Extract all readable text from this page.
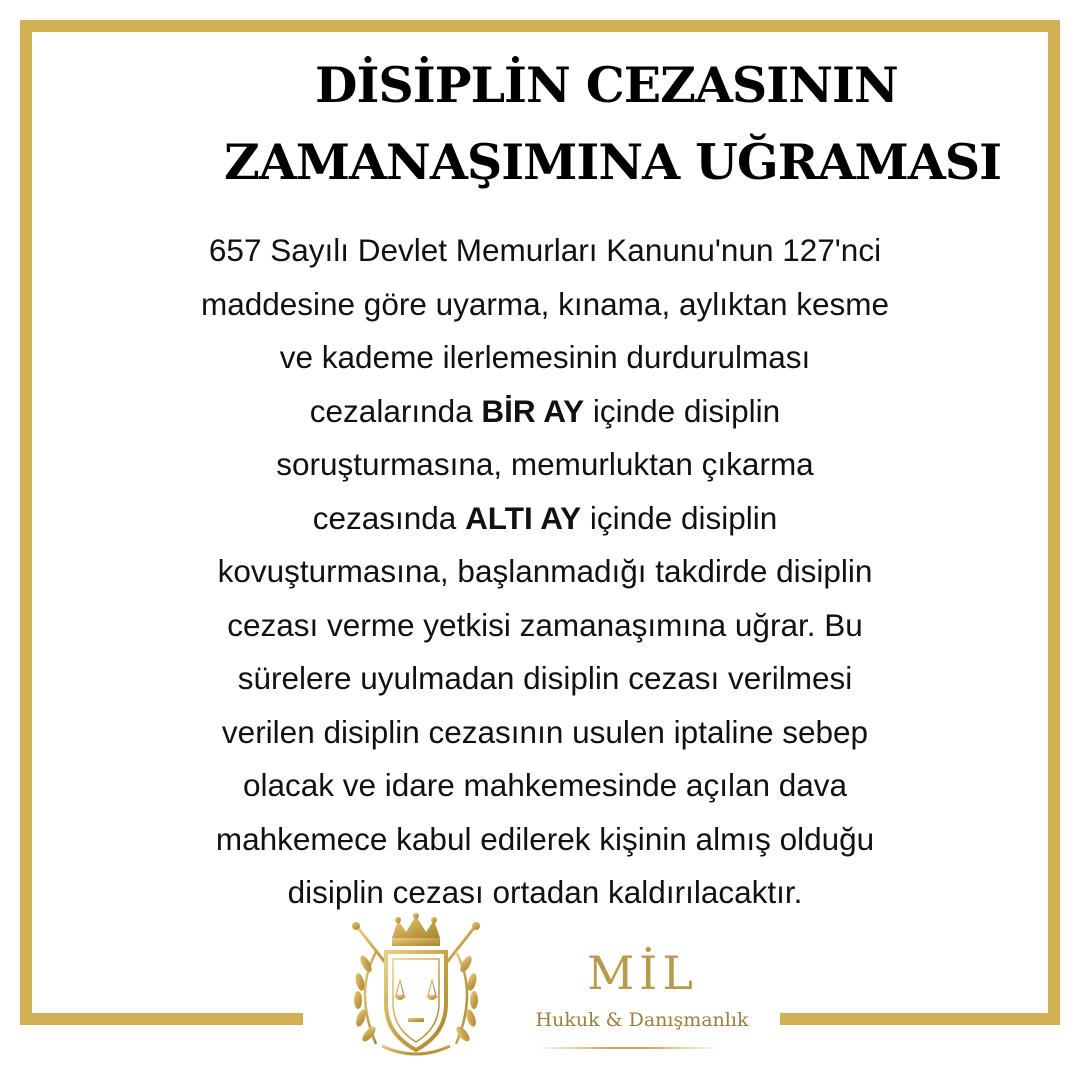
DİSİPLİN CEZASININ
ZAMANAŞIMINA UĞRAMASI
657 Sayılı Devlet Memurları Kanunu'nun 127'nci
maddesine göre uyarma, kınama, aylıktan kesme
ve kademe ilerlemesinin durdurulması
cezalarında BİR AY içinde disiplin
soruşturmasına, memurluktan çıkarma
cezasında ALTI AY içinde disiplin
kovuşturmasına, başlanmadığı takdirde disiplin
cezası verme yetkisi zamanaşımına uğrar. Bu
sürelere uyulmadan disiplin cezası verilmesi
verilen disiplin cezasının usulen iptaline sebep
olacak ve idare mahkemesinde açılan dava
mahkemece kabul edilerek kişinin almış olduğu
disiplin cezası ortadan kaldırılacaktır.
MİL
Hukuk & Danışmanlık
